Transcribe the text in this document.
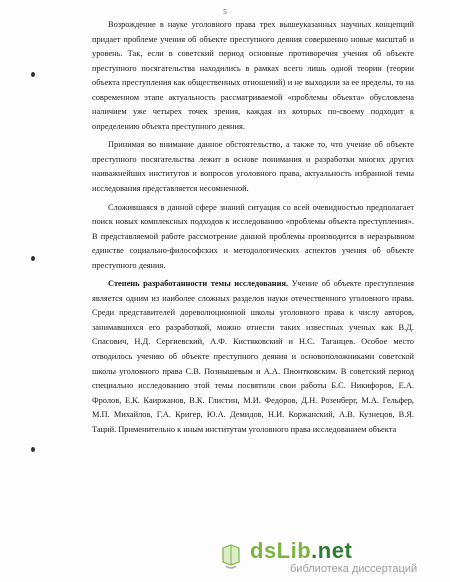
5

Возрождение в науке уголовного права трех вышеуказанных научных концепций придает проблеме учения об объекте преступного деяния совершенно новые масштаб и уровень. Так, если в советский период основные противоречия учения об объекте преступного посягательства находились в рамках всего лишь одной теории (теории объекта преступления как общественных отношений) и не выходили за ее пределы, то на современном этапе актуальность рассматриваемой «проблемы объекта» обусловлена наличием уже четырех точек зрения, каждая из которых по-своему подходит к определению объекта преступного деяния.

Принимая во внимание данное обстоятельство, а также то, что учение об объекте преступного посягательства лежит в основе понимания и разработки многих других наиважнейших институтов и вопросов уголовного права, актуальность избранной темы исследования представляется несомненной.

Сложившаяся в данной сфере знаний ситуация со всей очевидностью предполагает поиск новых комплексных подходов к исследованию «проблемы объекта преступления». В представляемой работе рассмотрение данной проблемы производится в неразрывном единстве социально-философских и методологических аспектов учения об объекте преступного деяния.

Степень разработанности темы исследования. Учение об объекте преступления является одним из наиболее сложных разделов науки отечественного уголовного права. Среди представителей дореволюционной школы уголовного права к числу авторов, занимавшихся его разработкой, можно отнести таких известных ученых как В.Д. Спасович, Н.Д. Сергиевский, А.Ф. Кистяковский и Н.С. Таганцев. Особое место отводилось учению об объекте преступного деяния и основоположниками советской школы уголовного права С.В. Познышевым и А.А. Пионтковским. В советский период специально исследованию этой темы посвятили свои работы Б.С. Никифоров, Е.А. Фролов, Е.К. Каиржанов, В.К. Глистин, М.И. Федоров, Д.Н. Розенберг, М.А. Гельфер, М.П. Михайлов, Г.А. Кригер, Ю.А. Демидов, Н.И. Коржанский, А.В. Кузнецов, В.Я. Таций. Применительно к иным институтам уголовного права исследованием объекта

dsLib.net
библиотека диссертаций
